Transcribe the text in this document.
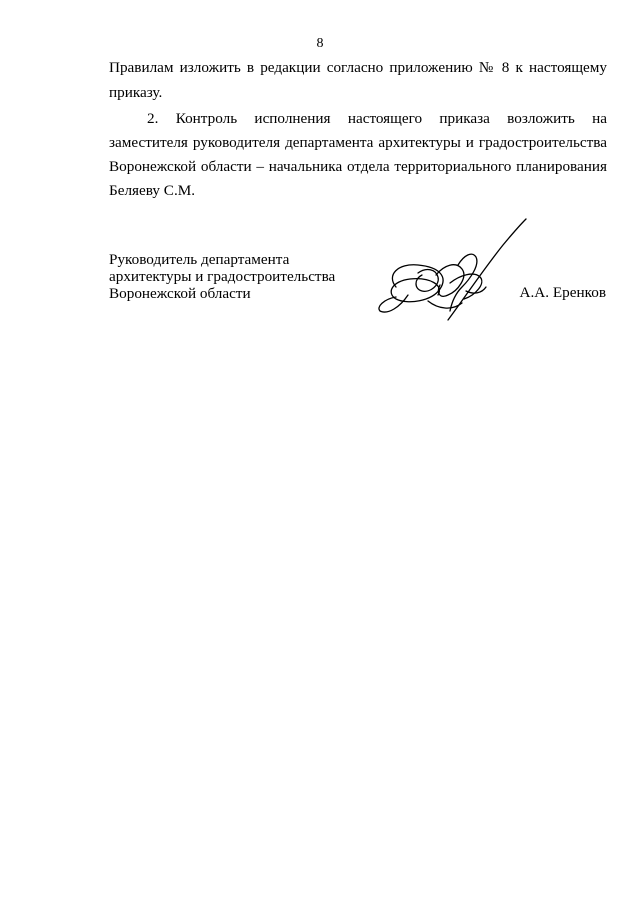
8
Правилам изложить в редакции согласно приложению № 8 к настоящему
приказу.
2. Контроль исполнения настоящего приказа возложить на
заместителя руководителя департамента архитектуры и градостроительства
Воронежской области – начальника отдела территориального планирования
Беляеву С.М.
Руководитель департамента
архитектуры и градостроительства
Воронежской области	А.А. Еренков
